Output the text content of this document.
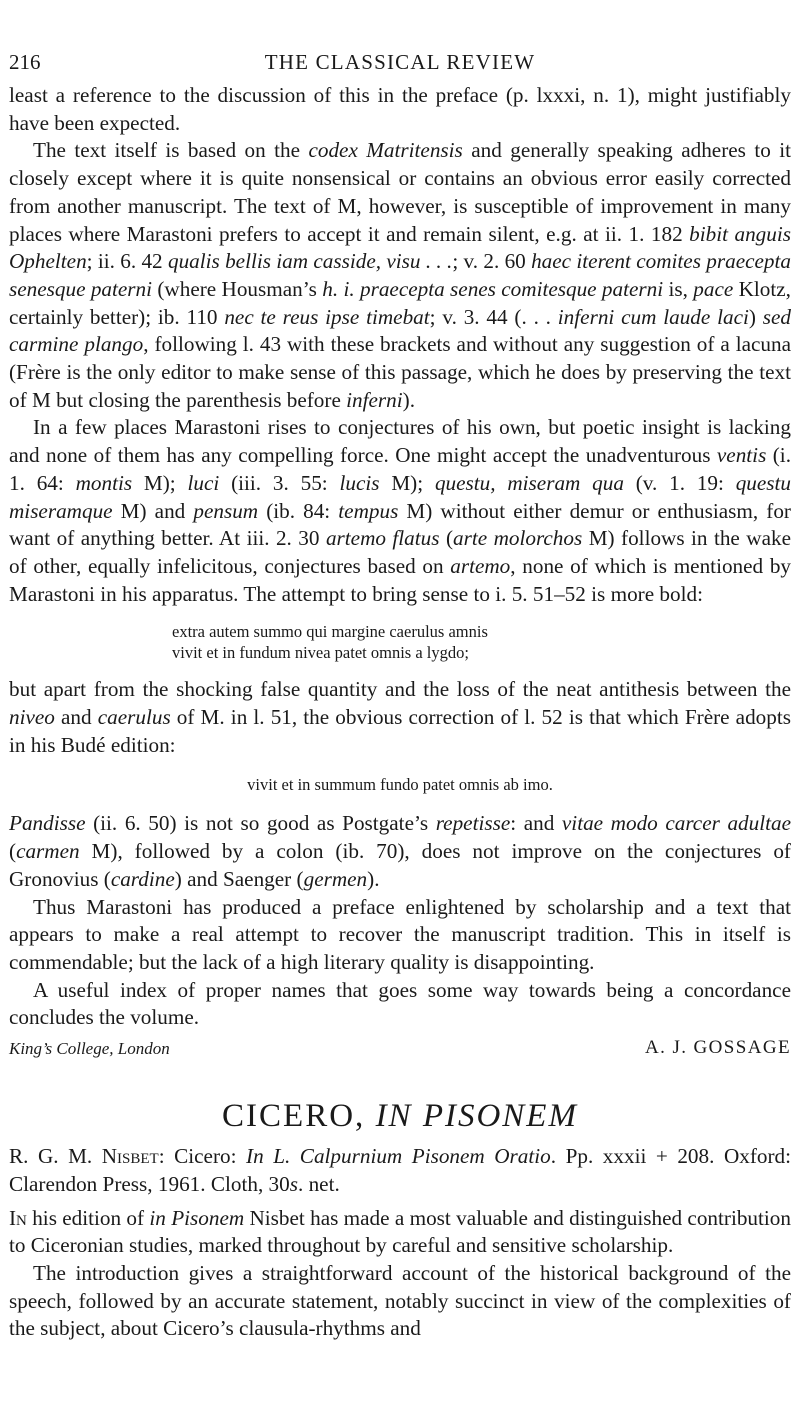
216	THE CLASSICAL REVIEW

least a reference to the discussion of this in the preface (p. lxxxi, n. 1), might justifiably have been expected.

The text itself is based on the codex Matritensis and generally speaking adheres to it closely except where it is quite nonsensical or contains an obvious error easily corrected from another manuscript. The text of M, however, is susceptible of improvement in many places where Marastoni prefers to accept it and remain silent, e.g. at ii. 1. 182 bibit anguis Ophelten; ii. 6. 42 qualis bellis iam casside, visu . . .; v. 2. 60 haec iterent comites praecepta senesque paterni (where Housman’s h. i. praecepta senes comitesque paterni is, pace Klotz, certainly better); ib. 110 nec te reus ipse timebat; v. 3. 44 (. . . inferni cum laude laci) sed carmine plango, following l. 43 with these brackets and without any suggestion of a lacuna (Frère is the only editor to make sense of this passage, which he does by preserving the text of M but closing the parenthesis before inferni).

In a few places Marastoni rises to conjectures of his own, but poetic insight is lacking and none of them has any compelling force. One might accept the unadventurous ventis (i. 1. 64: montis M); luci (iii. 3. 55: lucis M); questu, miseram qua (v. 1. 19: questu miseramque M) and pensum (ib. 84: tempus M) without either demur or enthusiasm, for want of anything better. At iii. 2. 30 artemo flatus (arte molorchos M) follows in the wake of other, equally infelicitous, conjectures based on artemo, none of which is mentioned by Marastoni in his apparatus. The attempt to bring sense to i. 5. 51–52 is more bold:

extra autem summo qui margine caerulus amnis

vivit et in fundum nivea patet omnis a lygdo;

but apart from the shocking false quantity and the loss of the neat antithesis between the niveo and caerulus of M. in l. 51, the obvious correction of l. 52 is that which Frère adopts in his Budé edition:

vivit et in summum fundo patet omnis ab imo.

Pandisse (ii. 6. 50) is not so good as Postgate’s repetisse: and vitae modo carcer adultae (carmen M), followed by a colon (ib. 70), does not improve on the conjectures of Gronovius (cardine) and Saenger (germen).

Thus Marastoni has produced a preface enlightened by scholarship and a text that appears to make a real attempt to recover the manuscript tradition. This in itself is commendable; but the lack of a high literary quality is disappointing.

A useful index of proper names that goes some way towards being a concordance concludes the volume.

King’s College, London	A. J. GOSSAGE
CICERO, IN PISONEM

R. G. M. Nisbet: Cicero: In L. Calpurnium Pisonem Oratio. Pp. xxxii + 208. Oxford: Clarendon Press, 1961. Cloth, 30s. net.

In his edition of in Pisonem Nisbet has made a most valuable and distinguished contribution to Ciceronian studies, marked throughout by careful and sensitive scholarship.

The introduction gives a straightforward account of the historical background of the speech, followed by an accurate statement, notably succinct in view of the complexities of the subject, about Cicero’s clausula-rhythms and
